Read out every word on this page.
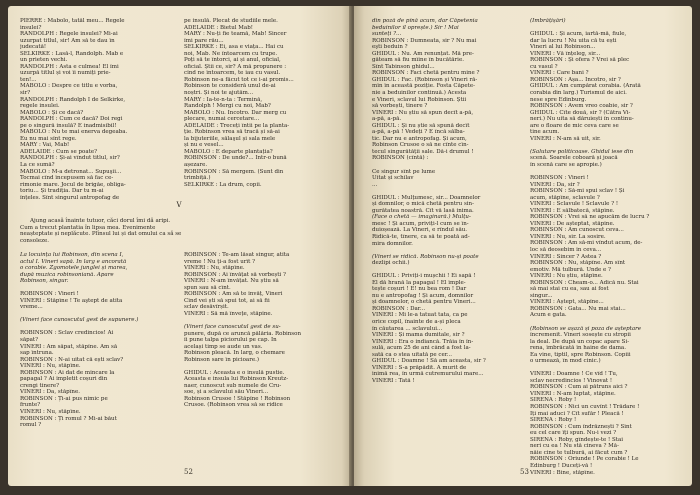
PIERRE : Mabolo, tatăl meu... Regele

insulei?

RANDOLPH : Regele insulei? Mi-ai

uzurpat titlul, sir! Am să te dau în

judecată!

SELKIRKE : Lasă-l, Randolph. Mab e

un prieten vechi.

RANDOLPH : Asta e culmea! El îmi

uzurpă titlul și voi îi numiți prie-

ten!...

MABOLO : Despre ce titlu e vorba,

sir?

RANDOLPH : Randolph I de Selkirke,

regele insulei.

MABOLO : Și ce dacă?

RANDOLPH : Cum ce dacă? Doi regi

pe o singură insulă? E inadmisibil!

MABOLO : Nu te mai enerva degeaba.

Eu nu mai sînt rege.

MARY : Vai, Mab!

ADELAIDE : Cum se poate?

RANDOLPH : Și-ai vîndut titlul, sir?

La ce sumă?

MABOLO : M-a detronat... Supuşii...

Tocmai cînd începusem să fac ce-

rimonie mare. Jocul de brigăe, obliga-

toriu... Și tradiția. Dar tu m-ai

înțeles. Sînt singurul antropofag de

pe insulă. Plecat de studiile mele.

ADELAIDE : Bietul Mab!

MARY : Nu-ți fie teamă, Mab! Sincer

îmi pare rău...

SELKIRKE : Ei, asa e viața... Hai cu

noi, Mab. Ne întoarcem cu trupe.

Poți să te întorci, ai și anul, oficial,

oficial. Știi ce, sir? A mă propunere :

cînd ne întoarcem, te iau cu vasul.

Robinson ne-a făcut tot ce i-ai promis...

Robinson te consideră unul de-ai

noștri. Și noi te ajutăm...

MARY : Ia-te-n-ta : Termină,

Randolph ! Mergi cu noi, Mab?

MABOLO : Nu. Încotro. Dar merg cu

plecare, numai cercetare...

ADELAIDE : Treceți întîi pe la planta-

ție. Robinson vrea să tracă și să-ai

la bijuteriile, sălaşul și sala mele

și nu e vesel...

MABOLO : E departe plantația?

ROBINSON : De unde?... Într-o bună

așezare.

ROBINSON : Să mergem. (Sunt din

trimbiță.)

SELKIRKE : La drum, copii.

V

Ajung acasă înainte tutuor, căci dorul îmi dă aripi.

Cum a trecut plantatia în lipsa mea. Evenimente

neașteptate și neplăcute. Plînsul lui și dat omului ca să se

consoleze.

La locuința lui Robinson, din scena I,

actul I. Vineri sapă. În larg e ancorată

o corabie. Zgomotele junglei și marea,

după muzica robinsoniană. Apare

Robinson, singur.

ROBINSON : Vineri !

VINERI : Stăpîne ! Te aştept de atîta

vreme...

(Vineri face cunoscutul gest de supunere.)

ROBINSON : Sclav credincios! Ai

săpat?

VINERI : Am săpat, stăpîne. Am să

sap întruna.

ROBINSON : N-ai uitat că ești sclav?

VINERI : Nu, stăpîne.

ROBINSON : Ai dat de mîncare la

papagal ? Ai împletit coșuri din

crengi tinere?

VINERI : Da, stăpîne.

ROBINSON : Ți-ai pus nimic pe

frunte?

VINERI : Nu, stăpîne.

ROBINSON : Ți romul ? Mi-ai băut

romul ?

ROBINSON : Te-am lăsat singur, atîta

vreme ! Nu ți-a fost urît ?

VINERI : Nu, stăpîne.

ROBINSON : Ai învățat să vorbești ?

VINERI : N-am învățat. Nu știu să

spun sau să cînt.

ROBINSON : Am să te învăț, Vineri

Cînd vei ști să spui tot, ai să fii

sclav desăvîrșit.

VINERI : Să mă învețe, stăpîne.

(Vineri face cunoscutul gest de su-

punere, după ce aruncă pălăria. Robinson

îi pune talpa piciorului pe cap. În

același timp se aude un vas.

Robinson pleacă. În larg, o chemare

Robinson sare în picioare.)

GHIDUL : Aceasta e o insulă pustie.

Aceasta e insula lui Robinson Kreutz-

naer, cunoscut sub numele de Cru-

soe, și a sclavului său Vineri...

Robinson Crusoe ! Stăpîne ! Robinson

Crusoe. (Robinson vrea să se ridice

52

din poză de pînă acum, dar Căpetenia

beduinilor îl oprește.) Sir ! Mai

sunteți ?...

ROBINSON : Dumneata, sir ? Nu mai

eşti beduin ?

GHIDUL : Nu. Am renunțat. Mă pre-

găteam să fiu mîine în bucătărie.

Sînt Tabinson ghidul...

ROBINSON : Faci chetă pentru mine ?

GHIDUL : Fac. (Robinson și Vineri ră-

mîn în această poziție. Fosta Căpete-

nie a beduinilor continuă.) Acesta

e Vineri, sclavul lui Robinson. Știi

să vorbești, tînere ?

VINERI : Nu știu să spun decît a-pă,

a-pă, a-pă.

GHIDUL : Și nu știe să spună decît

a-pă, a-pă ! Vedeți ? E încă sălba-

tic. Dar nu e antropofag. Și acum,

Robinson Crusoe o să ne cînte cîn-

tecul singurătății sale. Dă-i drumul !

ROBINSON (cîntă) :

Ce singur sînt pe lume

Uitat și schilav

...

GHIDUL : Mulțumesc, sir... Doamnelor

și domnilor, o mică chetă pentru sin-

gurătatea noastră. Cît vă lasă inima.

(Face o chetă — imaginară.) Mulțu-

mesc ! Și acum, priviți-l cum se în-

duioșează. La Vineri, e rîndul său.

Ridică-te, tînere, ca să te poată ad-

mira domnilor.

(Vineri se ridică. Robinson nu-și poate

dezlipi ochii.)

GHIDUL : Priviți-i mușchii ! Ei sapă !

El dă hrană la papagal ! El împle-

tește coșuri ! E! nu bea rom ! Dar

nu e antropofag ! Și acum, domnilor

și doamnelor, o chetă pentru Vineri...

ROBINSON : Dar...

VINERI : Mi le-a tatuat tata, ca pe

orice copil, înainte de a-și pleca

în căutarea ... sclavului...

VINERI : Și mama dumitale, sir ?

VINERI : Era o indiancă. Trăia în în-

sulă, acum 25 de ani când a fost la-

sată ca o stea uitată pe cer...

GHIDUL : Doamne ! Să am aceasta, sir ?

VINERI : S-a prăpădit. A murit de

inimă rea, în urmă cutremurului mare...

VINERI : Tată !

(Îmbrățișări)

GHIDUL : Și acum, iartă-mă, fiule,

dar la lucru ! Nu uita că tu ești

Vineri al lui Robinson...

VINERI : Vă înțeleg, sir...

ROBINSON : Și ofera ? Vrei să plec

cu vasul ?

VINERI : Care bani ?

ROBINSON : Așa... Încotro, sir ?

GHIDUL : Am cumpărat corabia. (Arată

corabia din larg.) Turismul de aici.

nese spre Edinburg.

ROBINSON : Avem vreo coabie, sir ?

GHIDUL : Cîte două, sir ? (Cătra Vi-

neri.) Nu uita să dăruiești în continu-

are o floare de mic ceva care se

tine acum.

VINERI : N-am să uit, sir.

(Salutare politicoase. Ghidul iese din

scenă. Soarele coboară și joacă

în scenă care se apropie.)

ROBINSON : Vineri !

VINERI : Da, sir ?

ROBINSON : Să-mi spui sclav ! Și

acum, stăpîne, sclavule ?

VINERI : Sclavule ! Sclavule ? !

VINERI : E sălbatecă, stăpîne.

ROBINSON : Vrei să ne apucăm de lucru ?

VINERI : De așteptat, stăpîne.

ROBINSON : Am cunoscut ceva...

VINERI : Nu, sir. La sosire.

ROBINSON : Am să-mi vîndut acum, de-

loc să deosebim în ceva...

VINERI : Sincer ? Astea ?

ROBINSON : Nu, stăpîne. Am sînt

emotiv. Mă tulbură. Unde e ?

VINERI : Nu știu, stăpîne.

ROBINSON : Cheam-o... Adică nu. Stai

să mai stai cu ea, sau ai fost

singur...

VINERI : Aștept, stăpîne...

ROBINSON : Gata... Nu mai stai...

Acum e gata.

(Robinson se așază și poza de așteptare

încremenit. Vineri sosește cu stropii

la deal. De după un copac apare Si-

rena, îmbrăcată în haine de dama.

Ea vine, tiptil, spre Robinson. Copiii

o urmează, în mod cinic.)

VINERI : Doamne ! Ce vîd ! Tu,

sclav necredincios ! Vinovat !

ROBINSON : Cum ai pătruns aici ?

VINERI : N-am luptat, stăpîne.

SIRENA : Roby !

ROBINSON : Nici un cuvînt ! Trădare !

Iți mai aduci ? Cît sufăr ! Pleacă !

SIRENA : Roby !

ROBINSON : Cum îndrăznești ? Sînt

eu cel care îți spun. Nu-i vezi ?

SIRENA : Roby, gîndește-te ! Stai

neri cu ea ! Nu stă cineva ? Mă-

năie cine te tulbură, ai făcut cum ?

ROBINSON : Oriunde ! Pe corabie ! Le

Edinburg ! Duceți-vă !

VINERI : Bine, stăpîne.

53
